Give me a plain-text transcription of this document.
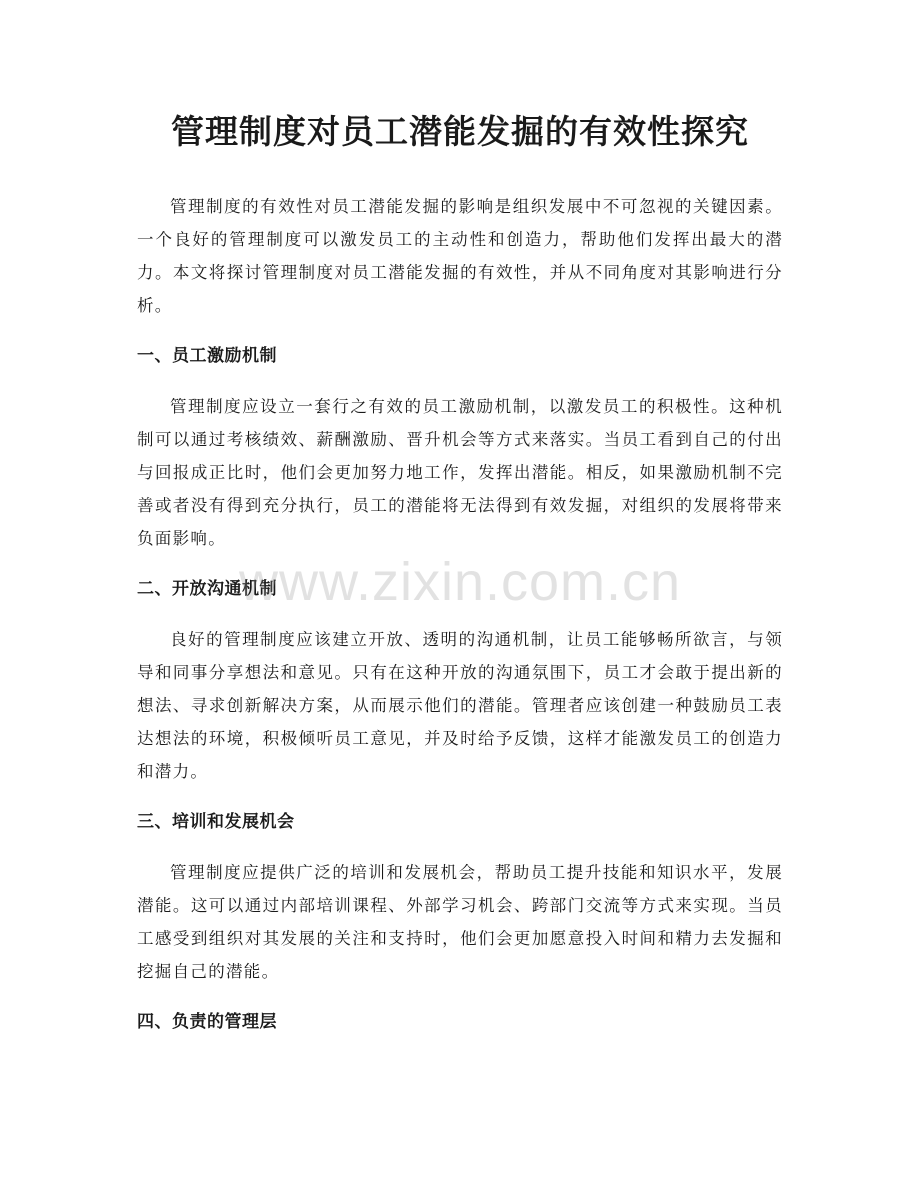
管理制度对员工潜能发掘的有效性探究

管理制度的有效性对员工潜能发掘的影响是组织发展中不可忽视的关键因素。一个良好的管理制度可以激发员工的主动性和创造力，帮助他们发挥出最大的潜力。本文将探讨管理制度对员工潜能发掘的有效性，并从不同角度对其影响进行分析。

一、员工激励机制

管理制度应设立一套行之有效的员工激励机制，以激发员工的积极性。这种机制可以通过考核绩效、薪酬激励、晋升机会等方式来落实。当员工看到自己的付出与回报成正比时，他们会更加努力地工作，发挥出潜能。相反，如果激励机制不完善或者没有得到充分执行，员工的潜能将无法得到有效发掘，对组织的发展将带来负面影响。

二、开放沟通机制

良好的管理制度应该建立开放、透明的沟通机制，让员工能够畅所欲言，与领导和同事分享想法和意见。只有在这种开放的沟通氛围下，员工才会敢于提出新的想法、寻求创新解决方案，从而展示他们的潜能。管理者应该创建一种鼓励员工表达想法的环境，积极倾听员工意见，并及时给予反馈，这样才能激发员工的创造力和潜力。

三、培训和发展机会

管理制度应提供广泛的培训和发展机会，帮助员工提升技能和知识水平，发展潜能。这可以通过内部培训课程、外部学习机会、跨部门交流等方式来实现。当员工感受到组织对其发展的关注和支持时，他们会更加愿意投入时间和精力去发掘和挖掘自己的潜能。

四、负责的管理层
www.zixin.com.cn
